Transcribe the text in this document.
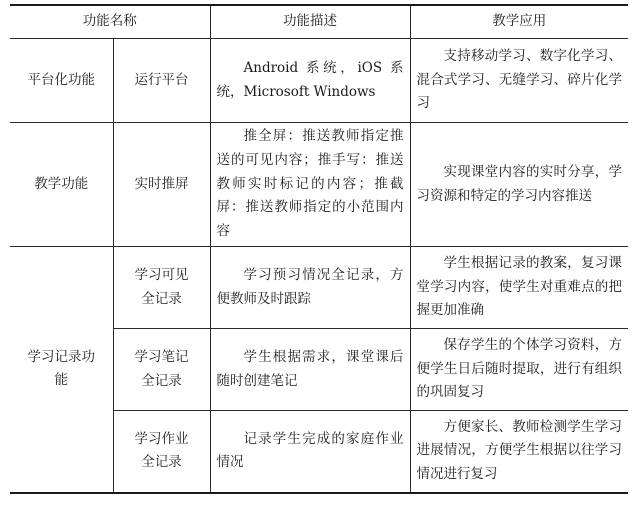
功能名称		功能描述	教学应用
平台化功能	运行平台	Android 系统，iOS 系统，Microsoft Windows	支持移动学习、数字化学习、混合式学习、无缝学习、碎片化学习
教学功能	实时推屏	推全屏：推送教师指定推送的可见内容；推手写：推送教师实时标记的内容；推截屏：推送教师指定的小范围内容	实现课堂内容的实时分享，学习资源和特定的学习内容推送
学习记录功能	学习可见全记录	学习预习情况全记录，方便教师及时跟踪	学生根据记录的教案，复习课堂学习内容，使学生对重难点的把握更加准确
	学习笔记全记录	学生根据需求，课堂课后随时创建笔记	保存学生的个体学习资料，方便学生日后随时提取，进行有组织的巩固复习
	学习作业全记录	记录学生完成的家庭作业情况	方便家长、教师检测学生学习进展情况，方便学生根据以往学习情况进行复习
